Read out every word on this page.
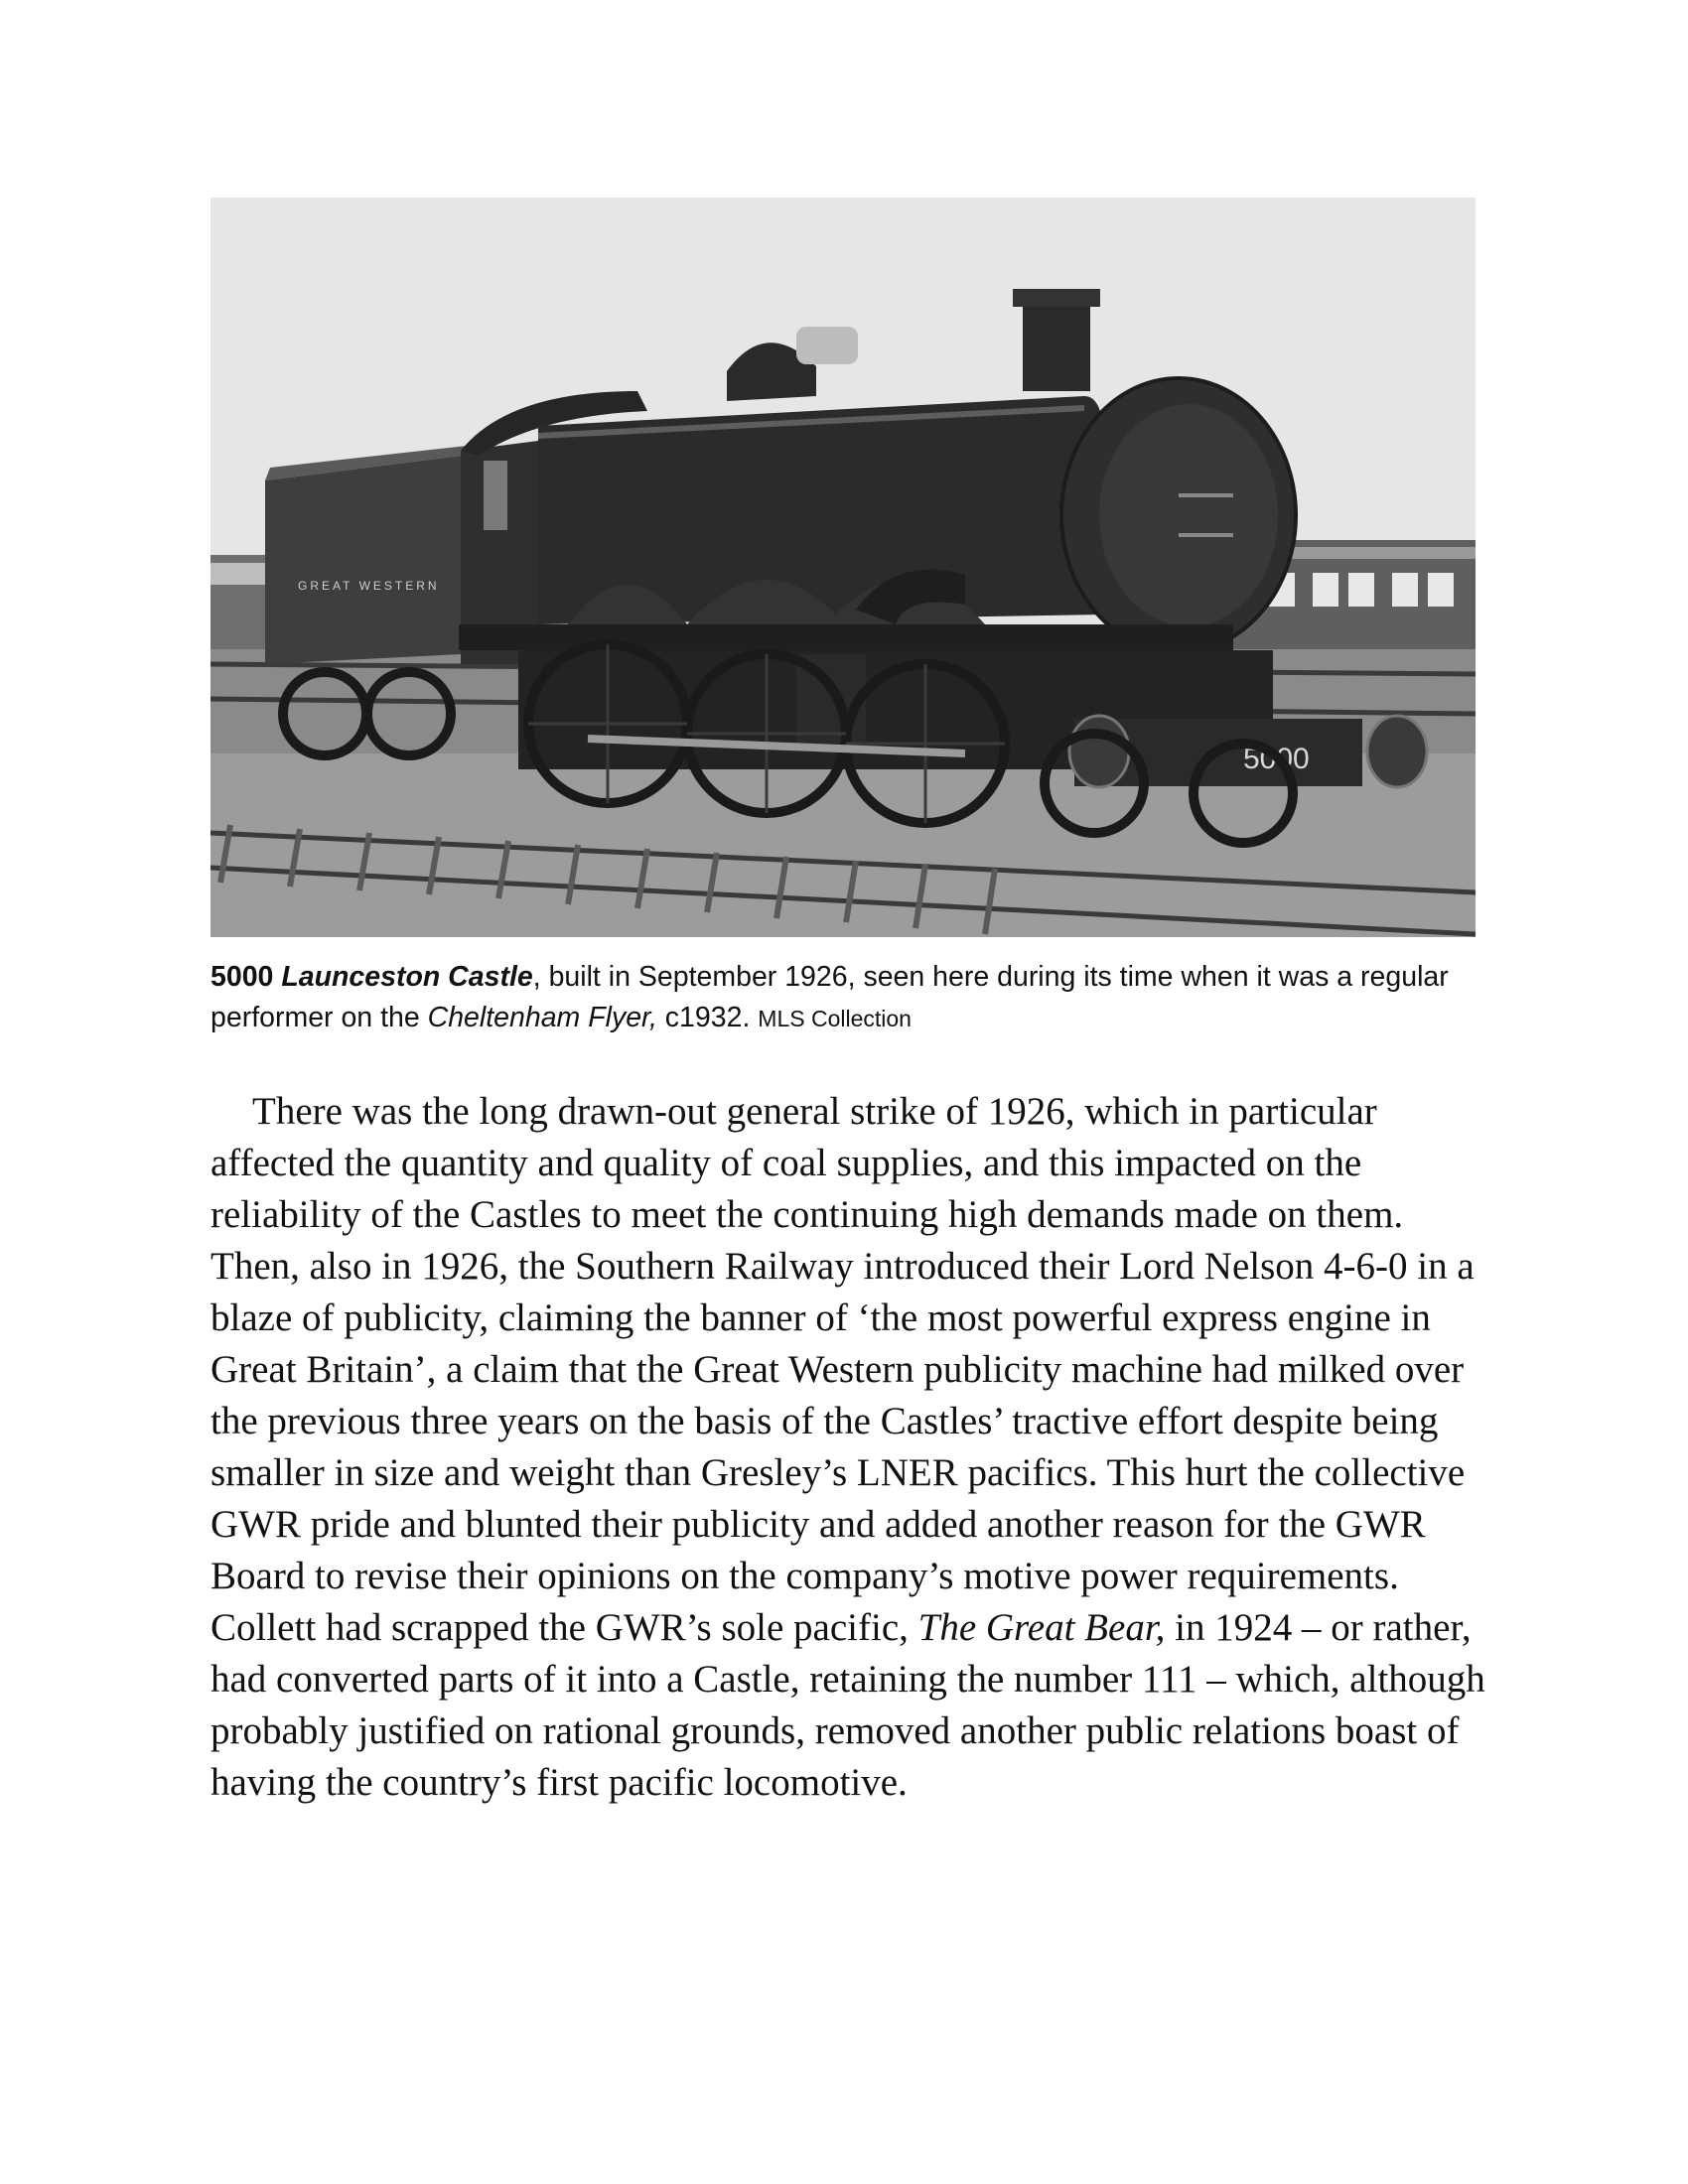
GREAT WESTERN
5000
5000 Launceston Castle, built in September 1926, seen here during its time when it was a regular performer on the Cheltenham Flyer, c1932. MLS Collection

There was the long drawn-out general strike of 1926, which in particular affected the quantity and quality of coal supplies, and this impacted on the reliability of the Castles to meet the continuing high demands made on them. Then, also in 1926, the Southern Railway introduced their Lord Nelson 4-6-0 in a blaze of publicity, claiming the banner of ‘the most powerful express engine in Great Britain’, a claim that the Great Western publicity machine had milked over the previous three years on the basis of the Castles’ tractive effort despite being smaller in size and weight than Gresley’s LNER pacifics. This hurt the collective GWR pride and blunted their publicity and added another reason for the GWR Board to revise their opinions on the company’s motive power requirements. Collett had scrapped the GWR’s sole pacific, The Great Bear, in 1924 – or rather, had converted parts of it into a Castle, retaining the number 111 – which, although probably justified on rational grounds, removed another public relations boast of having the country’s first pacific locomotive.
